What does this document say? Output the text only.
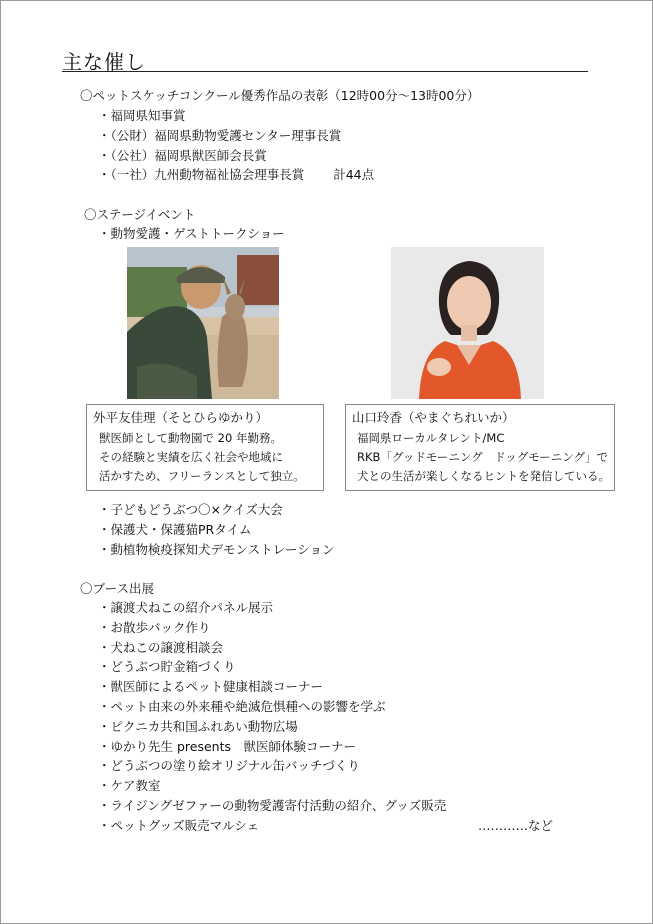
主な催し
〇ペットスケッチコンクール優秀作品の表彰（12時00分～13時00分）
・福岡県知事賞
・（公財）福岡県動物愛護センター理事長賞
・（公社）福岡県獣医師会長賞
・（一社）九州動物福祉協会理事長賞　　 計44点
〇ステージイベント
・動物愛護・ゲストトークショー
外平友佳理（そとひらゆかり）
獣医師として動物園で 20 年勤務。
その経験と実績を広く社会や地域に
活かすため、フリーランスとして独立。
山口玲香（やまぐちれいか）
福岡県ローカルタレント/MC
RKB「グッドモーニング　ドッグモーニング」で
犬との生活が楽しくなるヒントを発信している。
・子どもどうぶつ〇×クイズ大会
・保護犬・保護猫PRタイム
・動植物検疫探知犬デモンストレーション
〇ブース出展
・譲渡犬ねこの紹介パネル展示
・お散歩バック作り
・犬ねこの譲渡相談会
・どうぶつ貯金箱づくり
・獣医師によるペット健康相談コーナー
・ペット由来の外来種や絶滅危惧種への影響を学ぶ
・ピクニカ共和国ふれあい動物広場
・ゆかり先生 presents　獣医師体験コーナー
・どうぶつの塗り絵オリジナル缶バッチづくり
・ケア教室
・ライジングゼファーの動物愛護寄付活動の紹介、グッズ販売
・ペットグッズ販売マルシェ	…………など
